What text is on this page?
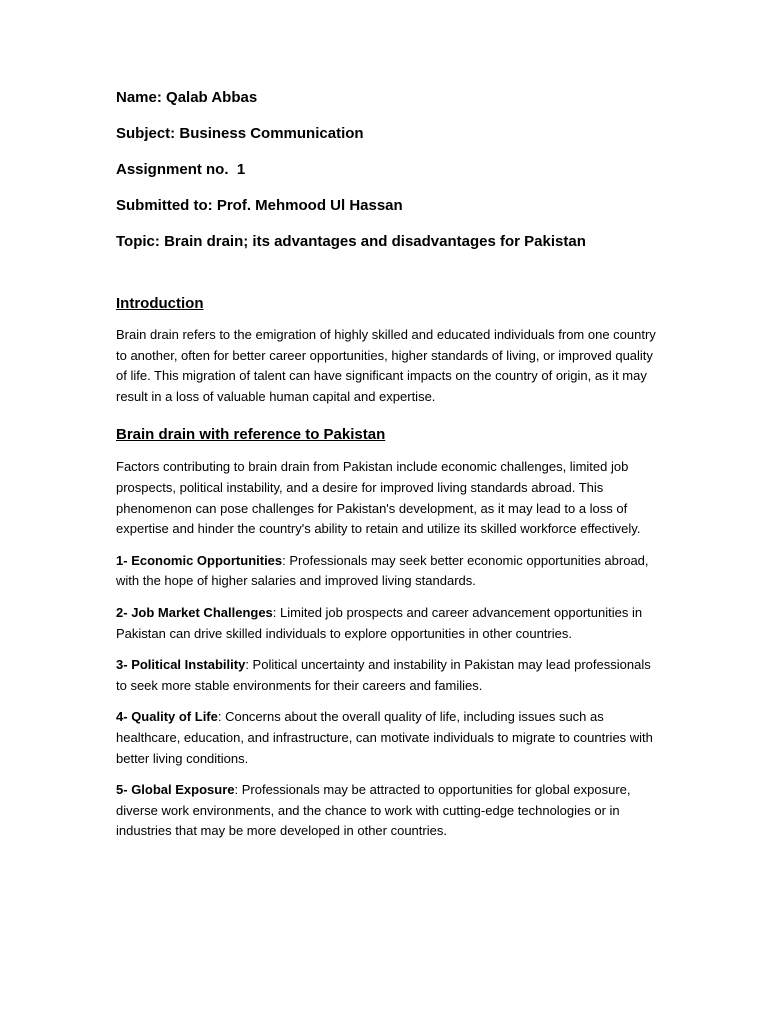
Name: Qalab Abbas

Subject: Business Communication

Assignment no. 1

Submitted to: Prof. Mehmood Ul Hassan

Topic: Brain drain; its advantages and disadvantages for Pakistan

Introduction

Brain drain refers to the emigration of highly skilled and educated individuals from one country to another, often for better career opportunities, higher standards of living, or improved quality of life. This migration of talent can have significant impacts on the country of origin, as it may result in a loss of valuable human capital and expertise.

Brain drain with reference to Pakistan

Factors contributing to brain drain from Pakistan include economic challenges, limited job prospects, political instability, and a desire for improved living standards abroad. This phenomenon can pose challenges for Pakistan's development, as it may lead to a loss of expertise and hinder the country's ability to retain and utilize its skilled workforce effectively.

1- Economic Opportunities: Professionals may seek better economic opportunities abroad, with the hope of higher salaries and improved living standards.

2- Job Market Challenges: Limited job prospects and career advancement opportunities in Pakistan can drive skilled individuals to explore opportunities in other countries.

3- Political Instability: Political uncertainty and instability in Pakistan may lead professionals to seek more stable environments for their careers and families.

4- Quality of Life: Concerns about the overall quality of life, including issues such as healthcare, education, and infrastructure, can motivate individuals to migrate to countries with better living conditions.

5- Global Exposure: Professionals may be attracted to opportunities for global exposure, diverse work environments, and the chance to work with cutting-edge technologies or in industries that may be more developed in other countries.
